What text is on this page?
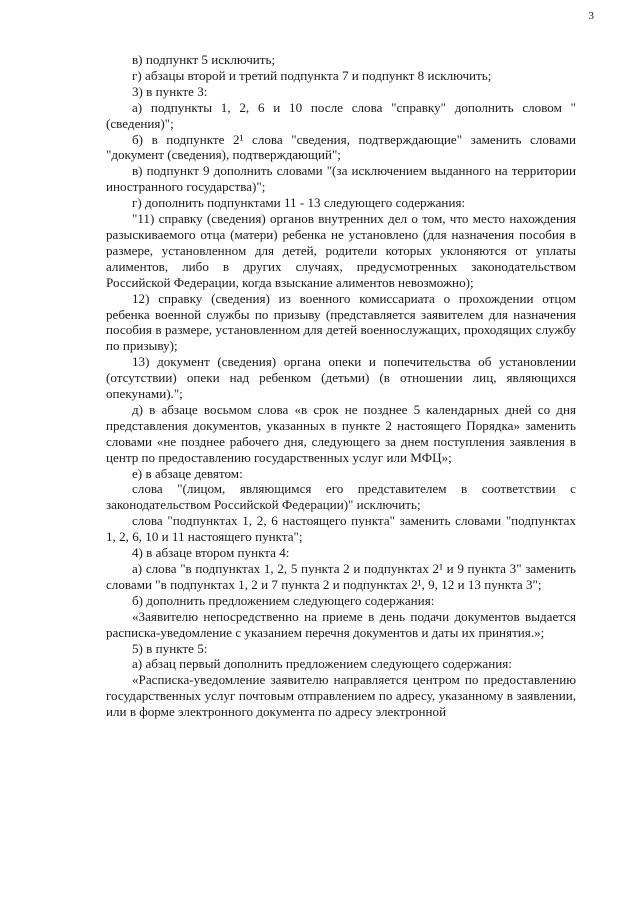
3

в) подпункт 5 исключить;

г) абзацы второй и третий подпункта 7 и подпункт 8 исключить;

3) в пункте 3:

а) подпункты 1, 2, 6 и 10 после слова "справку" дополнить словом "(сведения)";

б) в подпункте 2¹ слова "сведения, подтверждающие" заменить словами "документ (сведения), подтверждающий";

в) подпункт 9 дополнить словами "(за исключением выданного на территории иностранного государства)";

г) дополнить подпунктами 11 - 13 следующего содержания:

"11) справку (сведения) органов внутренних дел о том, что место нахождения разыскиваемого отца (матери) ребенка не установлено (для назначения пособия в размере, установленном для детей, родители которых уклоняются от уплаты алиментов, либо в других случаях, предусмотренных законодательством Российской Федерации, когда взыскание алиментов невозможно);

12) справку (сведения) из военного комиссариата о прохождении отцом ребенка военной службы по призыву (представляется заявителем для назначения пособия в размере, установленном для детей военнослужащих, проходящих службу по призыву);

13) документ (сведения) органа опеки и попечительства об установлении (отсутствии) опеки над ребенком (детьми) (в отношении лиц, являющихся опекунами).";

д) в абзаце восьмом слова «в срок не позднее 5 календарных дней со дня представления документов, указанных в пункте 2 настоящего Порядка» заменить словами «не позднее рабочего дня, следующего за днем поступления заявления в центр по предоставлению государственных услуг или МФЦ»;

е) в абзаце девятом:

слова "(лицом, являющимся его представителем в соответствии с законодательством Российской Федерации)" исключить;

слова "подпунктах 1, 2, 6 настоящего пункта" заменить словами "подпунктах 1, 2, 6, 10 и 11 настоящего пункта";

4) в абзаце втором пункта 4:

а) слова "в подпунктах 1, 2, 5 пункта 2 и подпунктах 2¹ и 9 пункта 3" заменить словами "в подпунктах 1, 2 и 7 пункта 2 и подпунктах 2¹, 9, 12 и 13 пункта 3";

б) дополнить предложением следующего содержания:

«Заявителю непосредственно на приеме в день подачи документов выдается расписка-уведомление с указанием перечня документов и даты их принятия.»;

5) в пункте 5:

а) абзац первый дополнить предложением следующего содержания:

«Расписка-уведомление заявителю направляется центром по предоставлению государственных услуг почтовым отправлением по адресу, указанному в заявлении, или в форме электронного документа по адресу электронной
